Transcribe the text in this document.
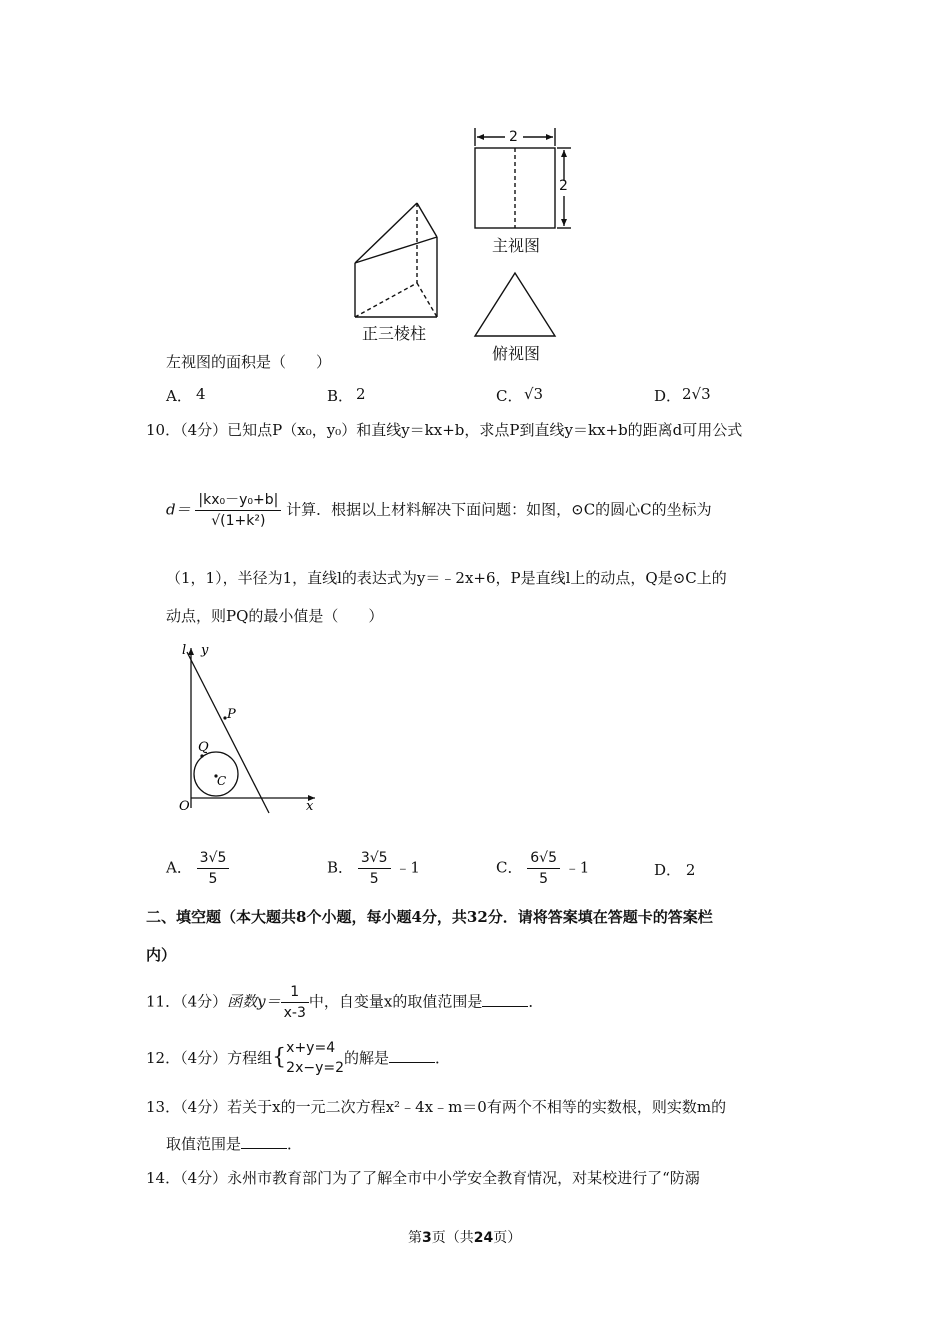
正三棱柱
2
2
主视图
俯视图
左视图的面积是（　　）
A． 4	B． 2	C． √3	D． 2√3
10．（4分）已知点P（x₀，y₀）和直线y＝kx+b，求点P到直线y＝kx+b的距离d可用公式
$d= \frac{\text{|kx₀－y₀+b|}}{\text{√(1+k²)}}$ 计算．根据以上材料解决下面问题：如图，⊙C的圆心C的坐标为
（1，1），半径为1，直线l的表达式为y＝﹣2x+6，P是直线l上的动点，Q是⊙C上的
动点，则PQ的最小值是（　　）
l y
x
O
P
Q
C
A． $\frac{3√5}{5}$	B． $\frac{3√5}{5}$ ﹣1	C． $\frac{6√5}{5}$ ﹣1	D． 2
二、填空题（本大题共8个小题，每小题4分，共32分．请将答案填在答题卡的答案栏
内）
11．（4分）函数$y= \frac{1}{x-3}$ 中，自变量x的取值范围是	．
12．（4分）方程组{ x+y=4
2x−y=2
的解是	．
13．（4分）若关于x的一元二次方程x²﹣4x﹣m＝0有两个不相等的实数根，则实数m的
取值范围是	．
14．（4分）永州市教育部门为了了解全市中小学安全教育情况，对某校进行了“防溺
第3页（共24页）
